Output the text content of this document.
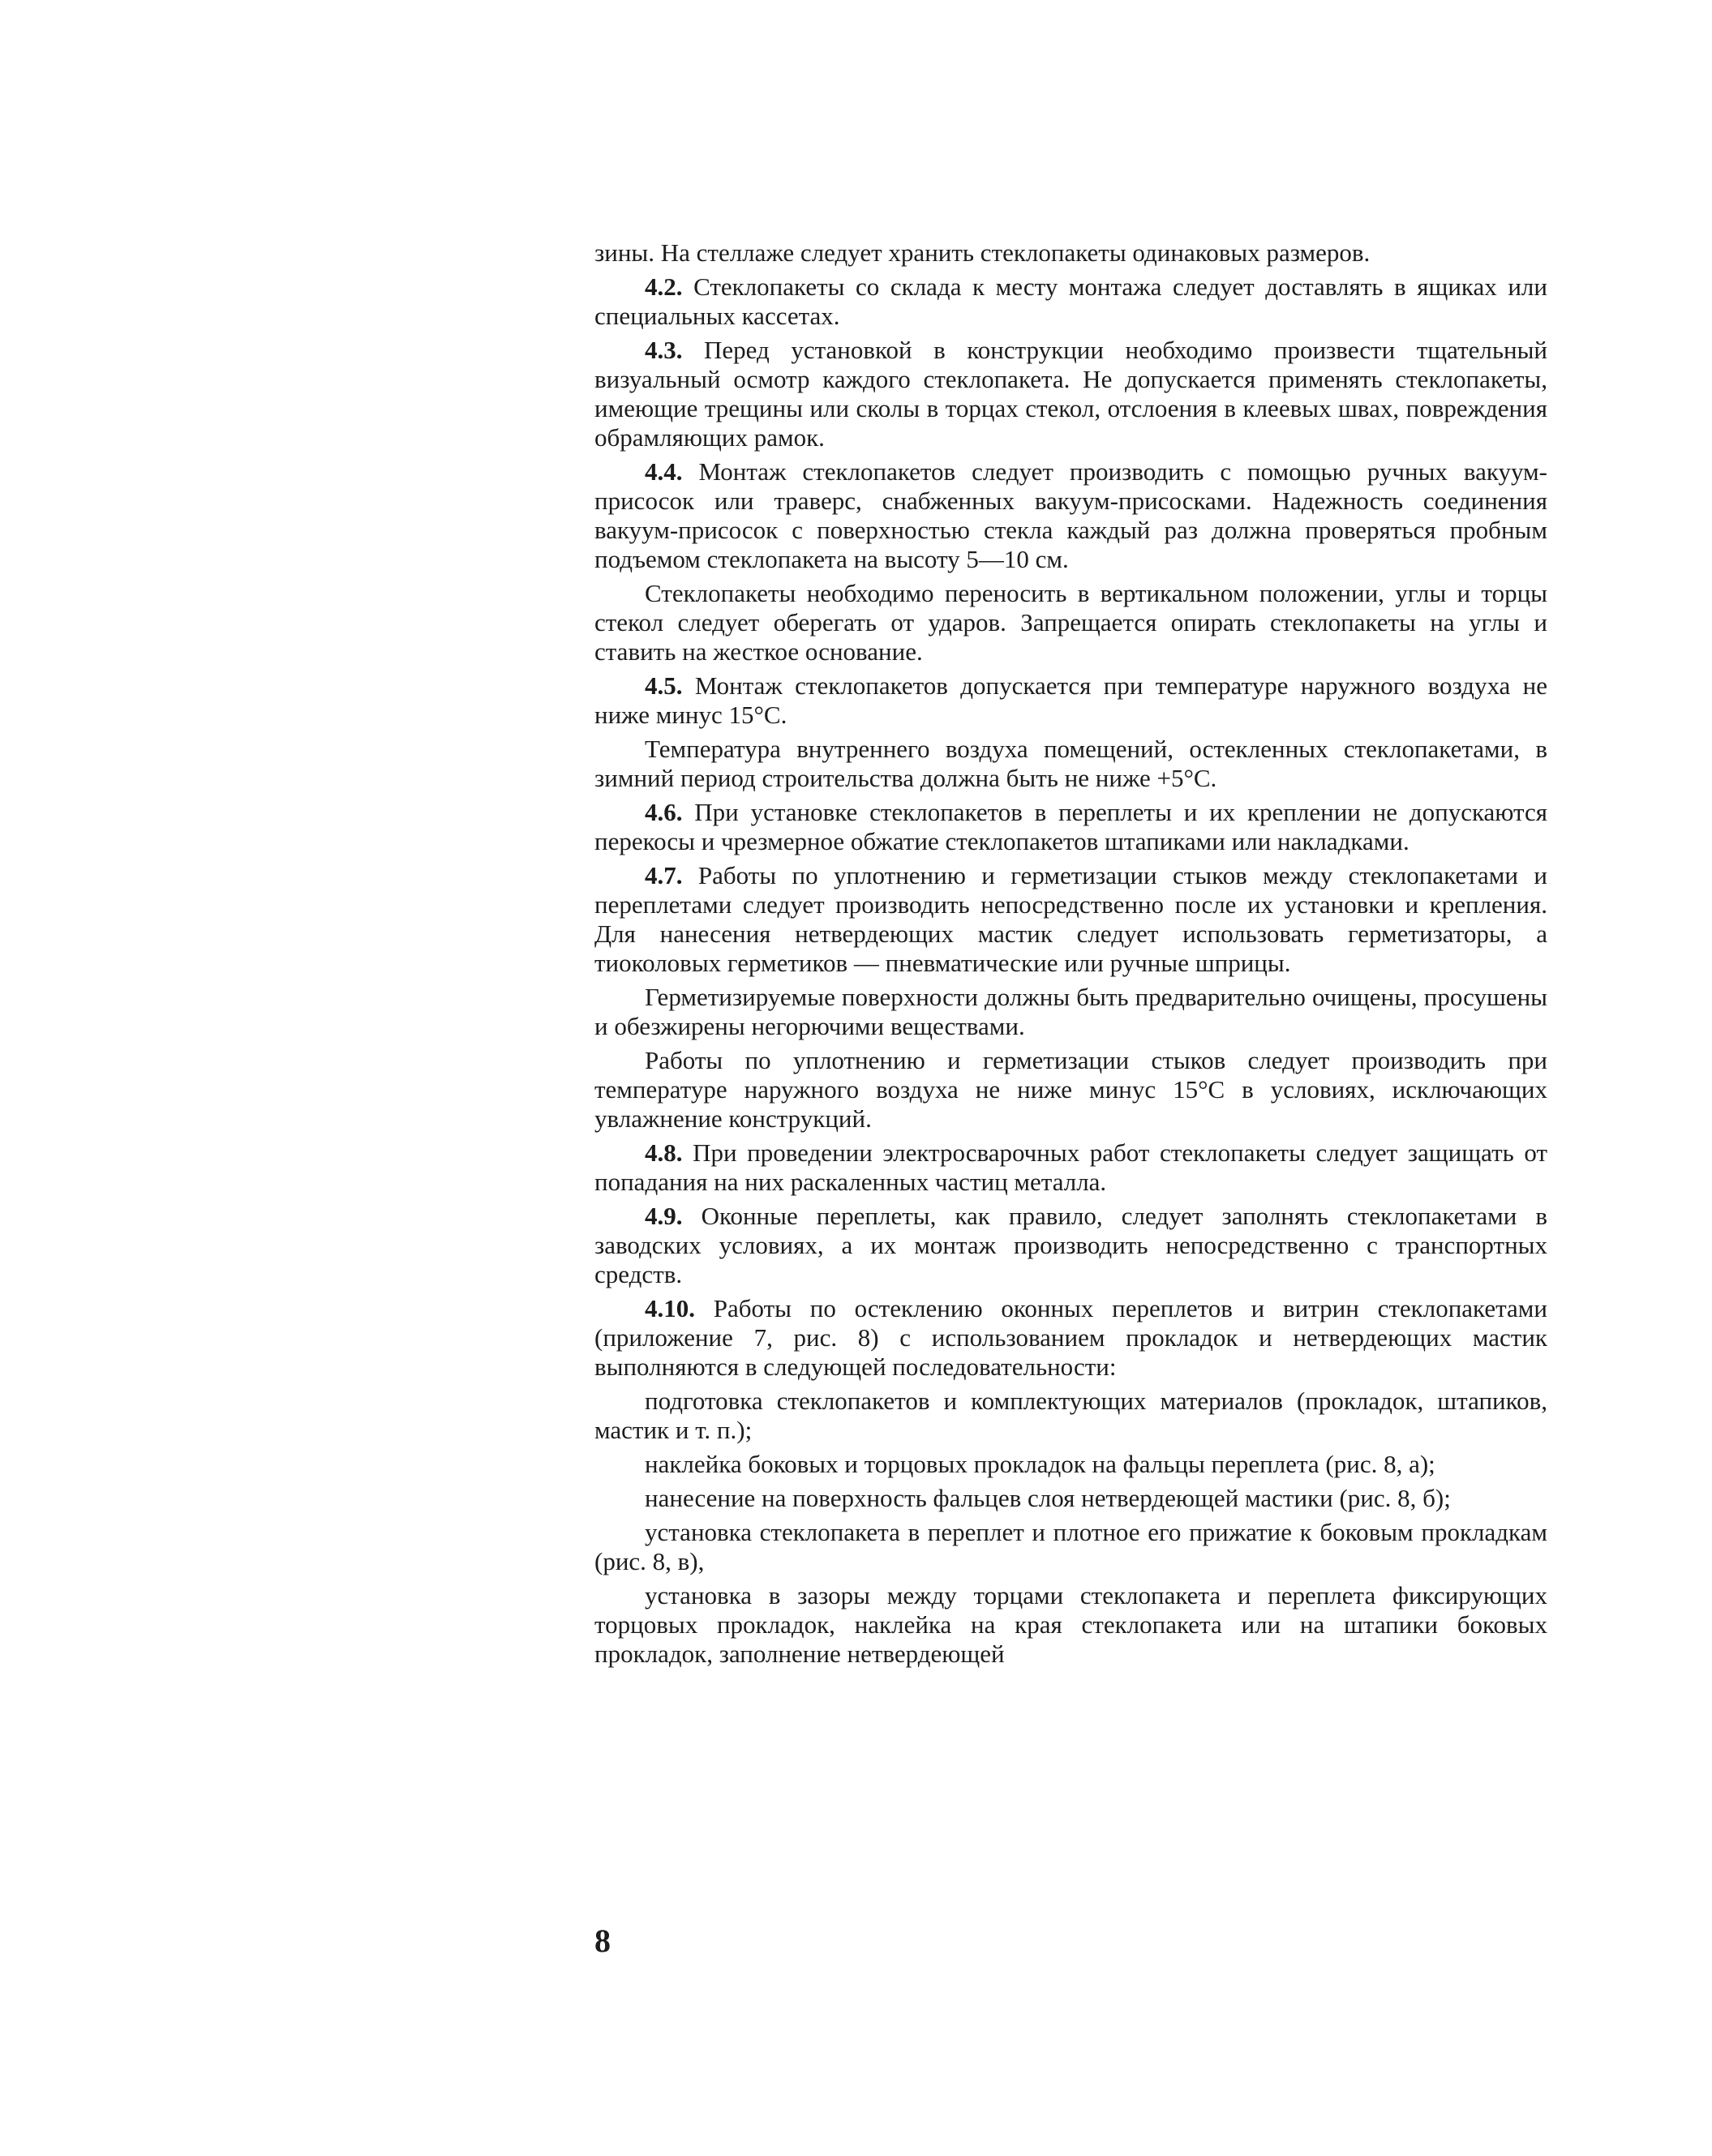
зины. На стеллаже следует хранить стеклопакеты одинаковых размеров.

4.2. Стеклопакеты со склада к месту монтажа следует доставлять в ящиках или специальных кассетах.

4.3. Перед установкой в конструкции необходимо произвести тщательный визуальный осмотр каждого стеклопакета. Не допускается применять стеклопакеты, имеющие трещины или сколы в торцах стекол, отслоения в клеевых швах, повреждения обрамляющих рамок.

4.4. Монтаж стеклопакетов следует производить с помощью ручных вакуум-присосок или траверс, снабженных вакуум-присосками. Надежность соединения вакуум-присосок с поверхностью стекла каждый раз должна проверяться пробным подъемом стеклопакета на высоту 5—10 см.

Стеклопакеты необходимо переносить в вертикальном положении, углы и торцы стекол следует оберегать от ударов. Запрещается опирать стеклопакеты на углы и ставить на жесткое основание.

4.5. Монтаж стеклопакетов допускается при температуре наружного воздуха не ниже минус 15°С.

Температура внутреннего воздуха помещений, остекленных стеклопакетами, в зимний период строительства должна быть не ниже +5°С.

4.6. При установке стеклопакетов в переплеты и их креплении не допускаются перекосы и чрезмерное обжатие стеклопакетов штапиками или накладками.

4.7. Работы по уплотнению и герметизации стыков между стеклопакетами и переплетами следует производить непосредственно после их установки и крепления. Для нанесения нетвердеющих мастик следует использовать герметизаторы, а тиоколовых герметиков — пневматические или ручные шприцы.

Герметизируемые поверхности должны быть предварительно очищены, просушены и обезжирены негорючими веществами.

Работы по уплотнению и герметизации стыков следует производить при температуре наружного воздуха не ниже минус 15°С в условиях, исключающих увлажнение конструкций.

4.8. При проведении электросварочных работ стеклопакеты следует защищать от попадания на них раскаленных частиц металла.

4.9. Оконные переплеты, как правило, следует заполнять стеклопакетами в заводских условиях, а их монтаж производить непосредственно с транспортных средств.

4.10. Работы по остеклению оконных переплетов и витрин стеклопакетами (приложение 7, рис. 8) с использованием прокладок и нетвердеющих мастик выполняются в следующей последовательности:

подготовка стеклопакетов и комплектующих материалов (прокладок, штапиков, мастик и т. п.);

наклейка боковых и торцовых прокладок на фальцы переплета (рис. 8, а);

нанесение на поверхность фальцев слоя нетвердеющей мастики (рис. 8, б);

установка стеклопакета в переплет и плотное его прижатие к боковым прокладкам (рис. 8, в),

установка в зазоры между торцами стеклопакета и переплета фиксирующих торцовых прокладок, наклейка на края стеклопакета или на штапики боковых прокладок, заполнение нетвердеющей

8
